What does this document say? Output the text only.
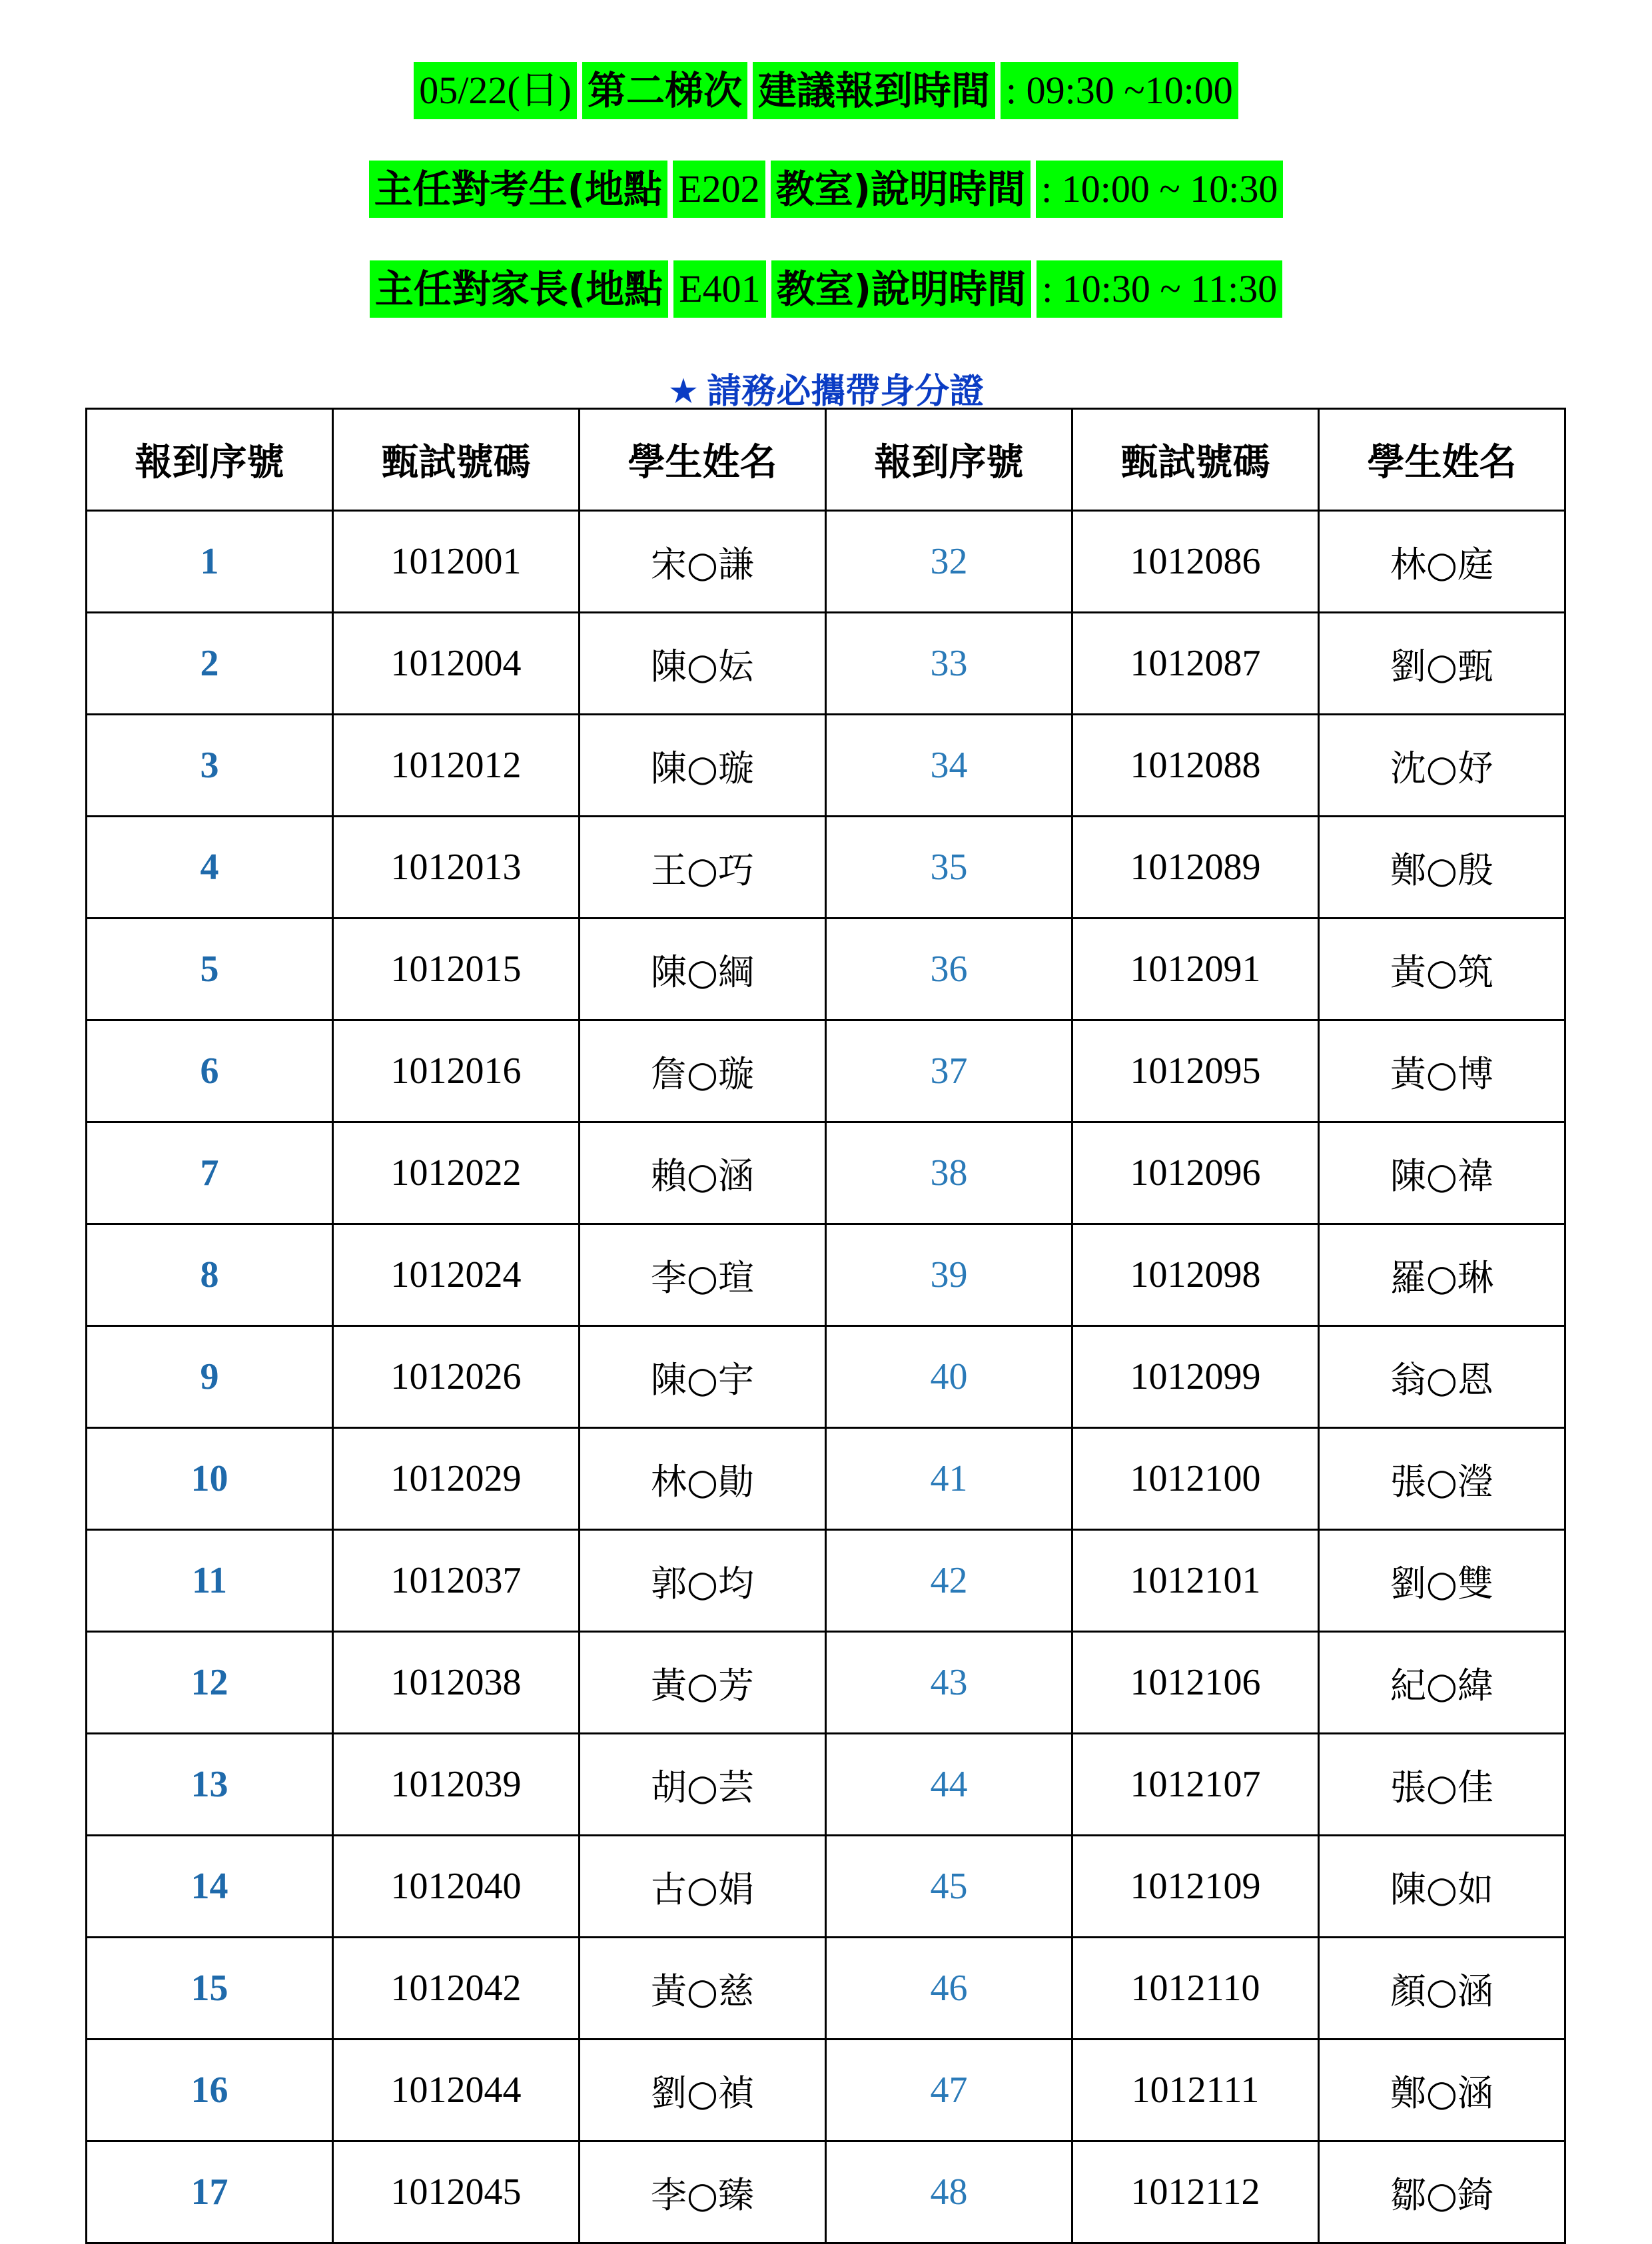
05/22(日) 第二梯次 建議報到時間 : 09:30 ~10:00
主任對考生(地點 E202 教室)說明時間 : 10:00 ~ 10:30
主任對家長(地點 E401 教室)說明時間 : 10:30 ~ 11:30
★ 請務必攜帶身分證
報到序號	甄試號碼	學生姓名	報到序號	甄試號碼	學生姓名
1	1012001	宋○謙	32	1012086	林○庭
2	1012004	陳○妘	33	1012087	劉○甄
3	1012012	陳○璇	34	1012088	沈○妤
4	1012013	王○巧	35	1012089	鄭○殷
5	1012015	陳○綱	36	1012091	黃○筑
6	1012016	詹○璇	37	1012095	黃○博
7	1012022	賴○涵	38	1012096	陳○禕
8	1012024	李○瑄	39	1012098	羅○琳
9	1012026	陳○宇	40	1012099	翁○恩
10	1012029	林○勛	41	1012100	張○瀅
11	1012037	郭○均	42	1012101	劉○雙
12	1012038	黃○芳	43	1012106	紀○緯
13	1012039	胡○芸	44	1012107	張○佳
14	1012040	古○娟	45	1012109	陳○如
15	1012042	黃○慈	46	1012110	顏○涵
16	1012044	劉○禎	47	1012111	鄭○涵
17	1012045	李○臻	48	1012112	鄒○錡
